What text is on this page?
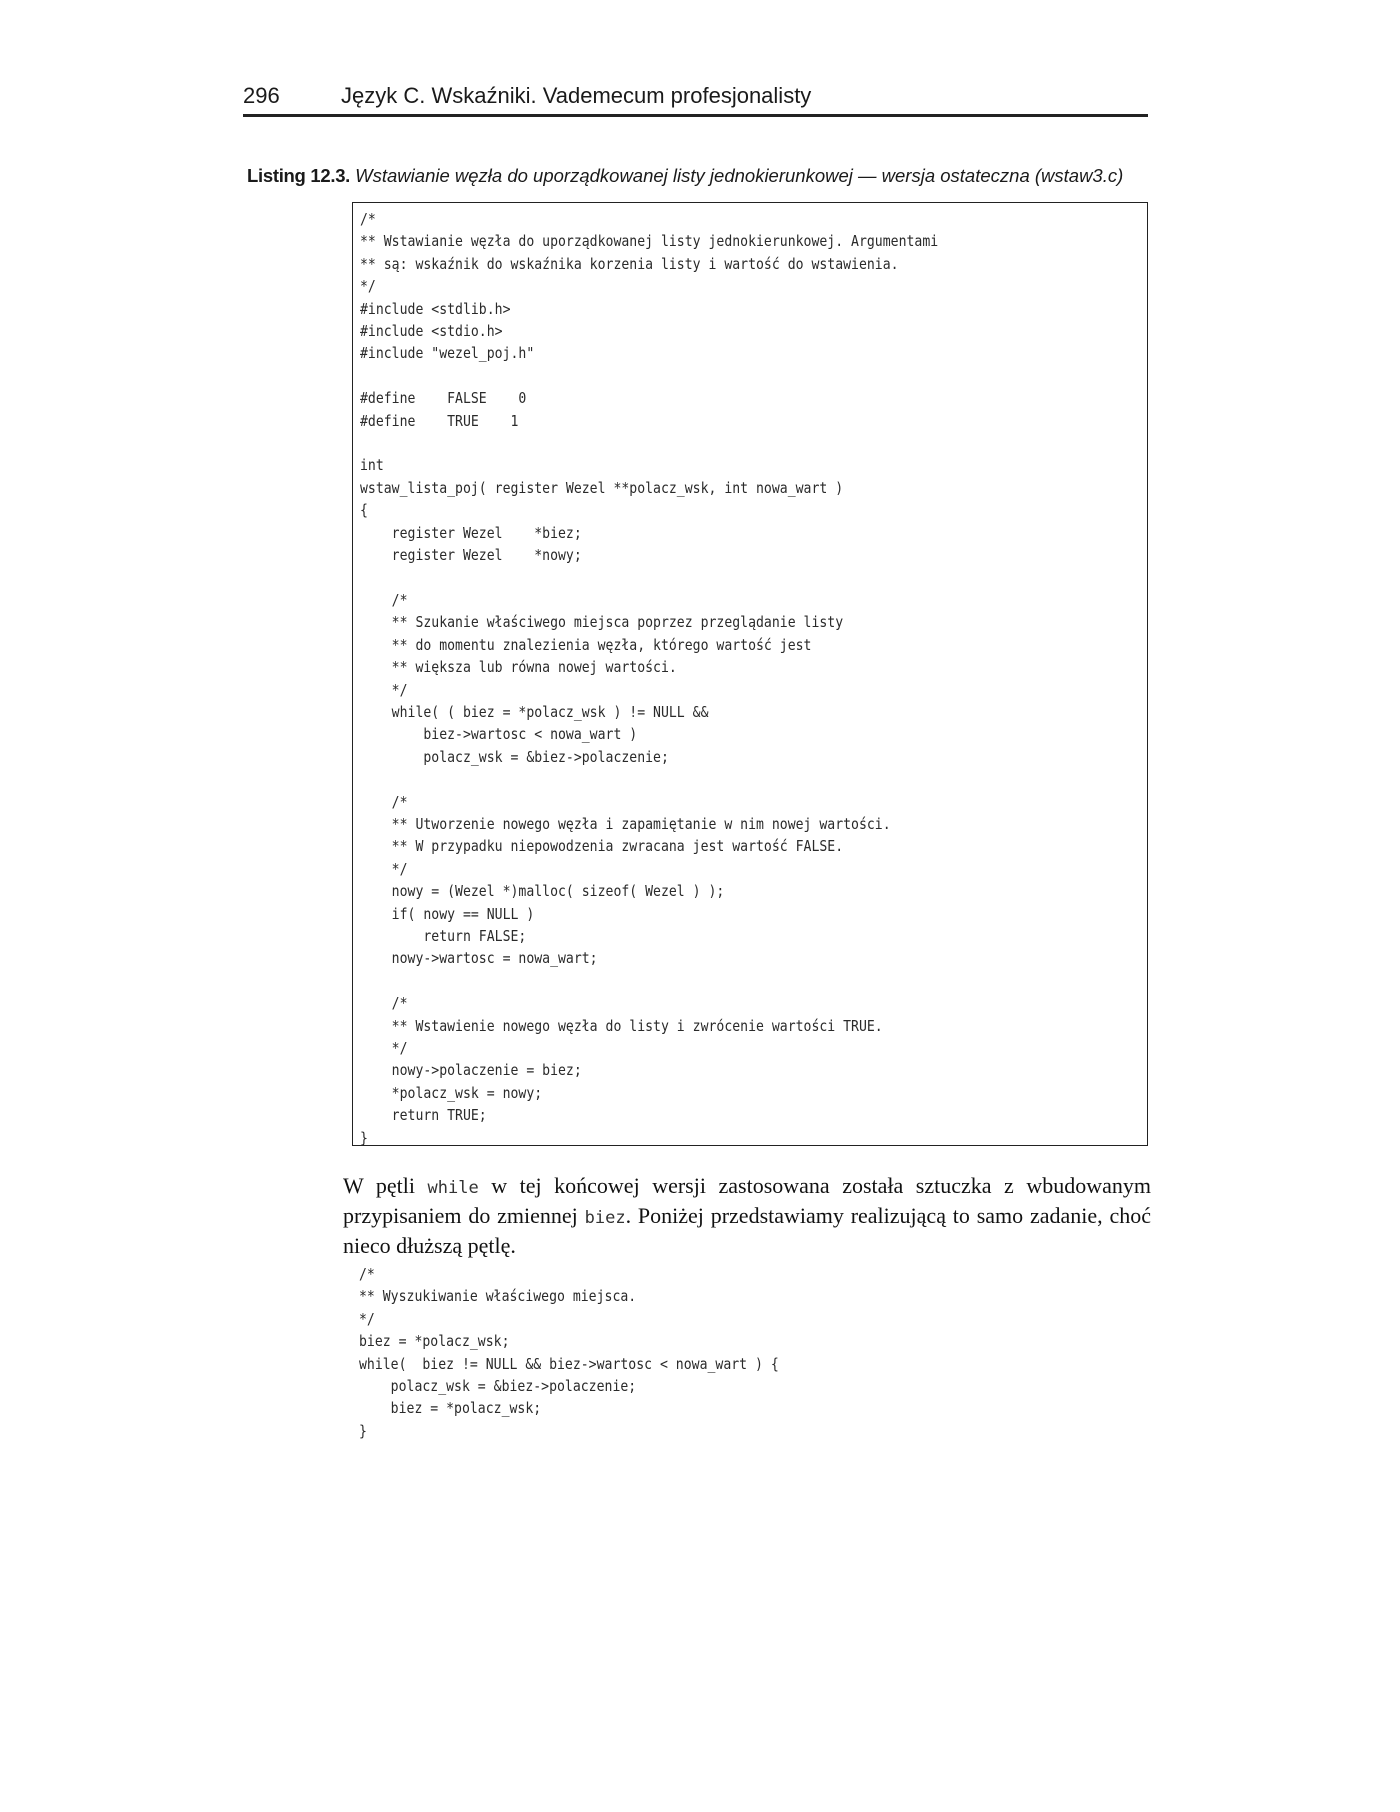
296	Język C. Wskaźniki. Vademecum profesjonalisty
Listing 12.3. Wstawianie węzła do uporządkowanej listy jednokierunkowej — wersja ostateczna (wstaw3.c)
/*
** Wstawianie węzła do uporządkowanej listy jednokierunkowej. Argumentami
** są: wskaźnik do wskaźnika korzenia listy i wartość do wstawienia.
*/
#include <stdlib.h>
#include <stdio.h>
#include "wezel_poj.h"

#define    FALSE    0
#define    TRUE    1

int
wstaw_lista_poj( register Wezel **polacz_wsk, int nowa_wart )
{
register Wezel    *biez;
register Wezel    *nowy;

/*
** Szukanie właściwego miejsca poprzez przeglądanie listy
** do momentu znalezienia węzła, którego wartość jest
** większa lub równa nowej wartości.
*/
while( ( biez = *polacz_wsk ) != NULL &&
biez->wartosc < nowa_wart )
polacz_wsk = &biez->polaczenie;

/*
** Utworzenie nowego węzła i zapamiętanie w nim nowej wartości.
** W przypadku niepowodzenia zwracana jest wartość FALSE.
*/
nowy = (Wezel *)malloc( sizeof( Wezel ) );
if( nowy == NULL )
return FALSE;
nowy->wartosc = nowa_wart;

/*
** Wstawienie nowego węzła do listy i zwrócenie wartości TRUE.
*/
nowy->polaczenie = biez;
*polacz_wsk = nowy;
return TRUE;
}
W pętli while w tej końcowej wersji zastosowana została sztuczka z wbudowanym przypisaniem do zmiennej biez. Poniżej przedstawiamy realizującą to samo zadanie, choć nieco dłuższą pętlę.
/*
** Wyszukiwanie właściwego miejsca.
*/
biez = *polacz_wsk;
while(  biez != NULL && biez->wartosc < nowa_wart ) {
polacz_wsk = &biez->polaczenie;
biez = *polacz_wsk;
}
